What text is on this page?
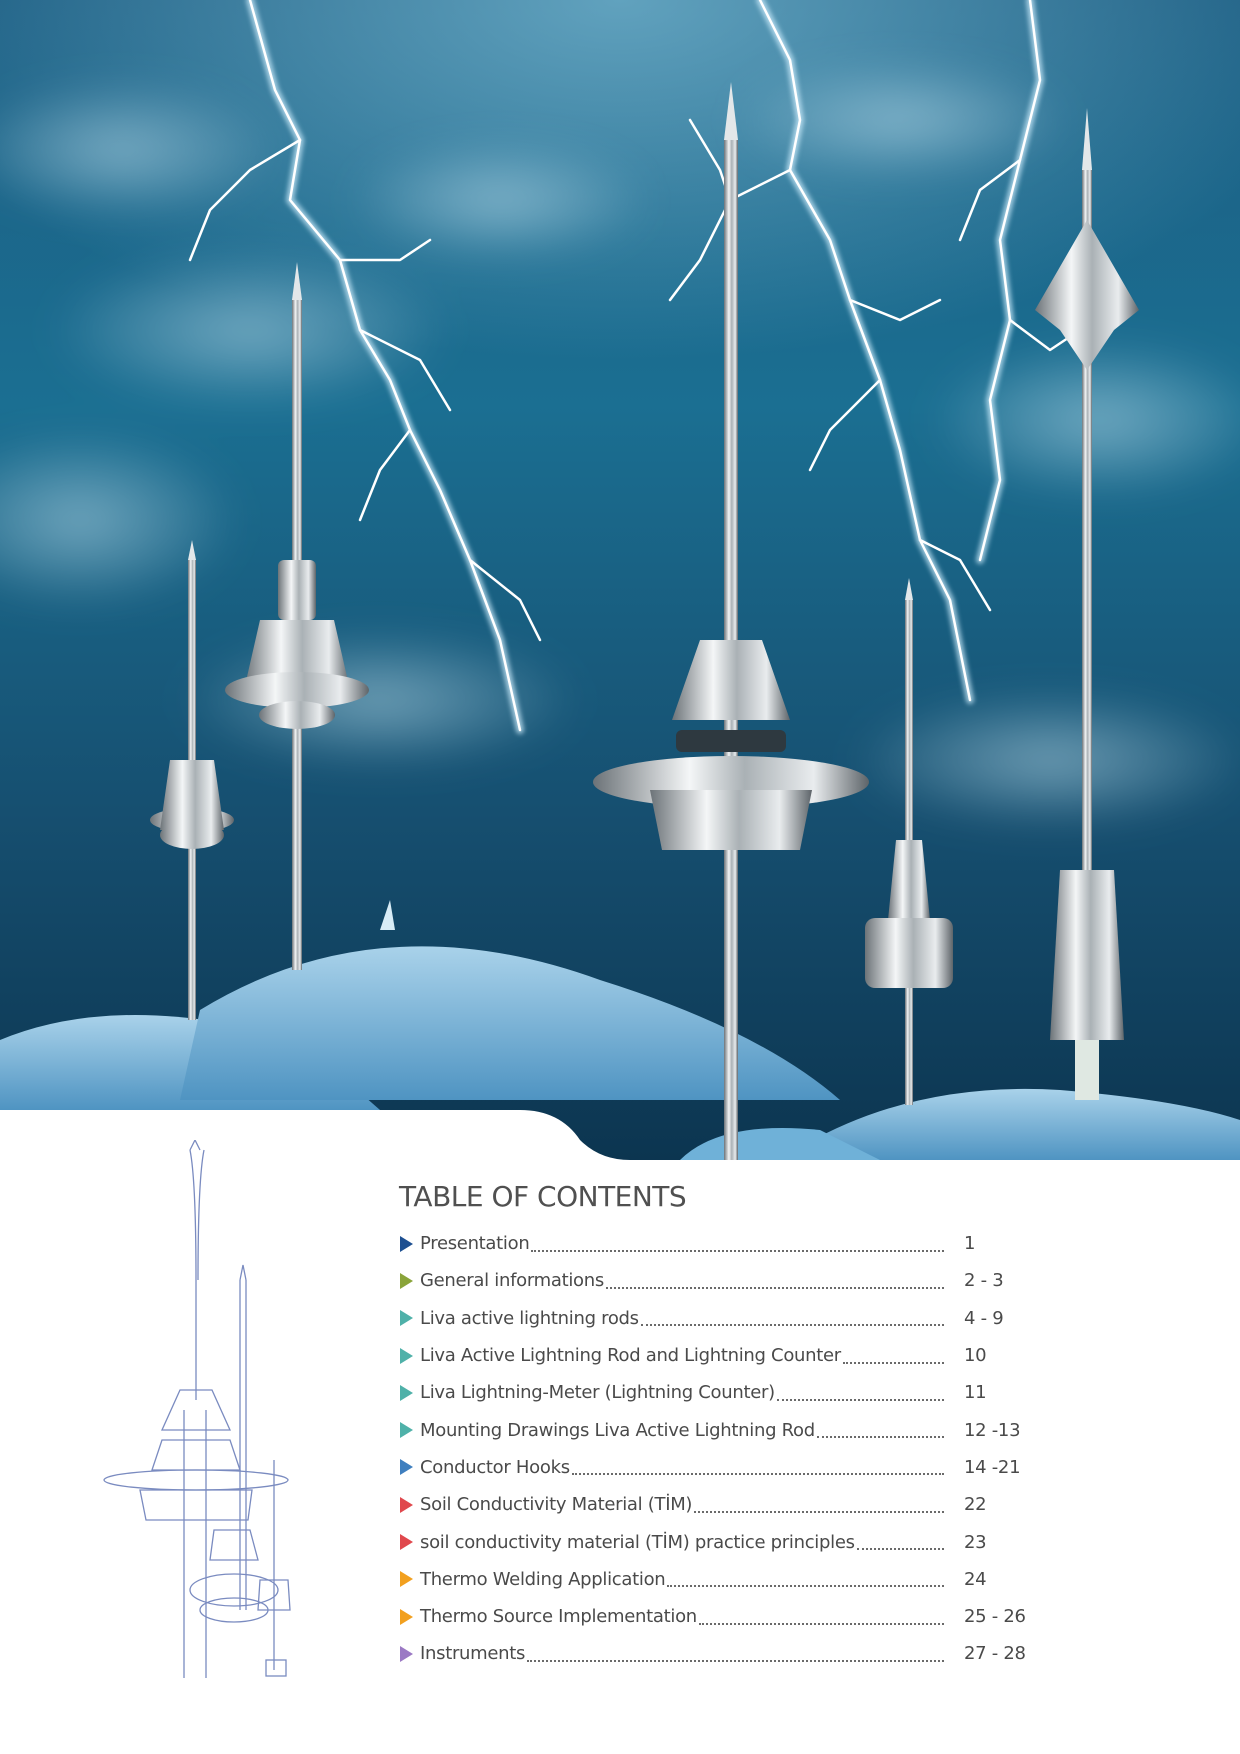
TABLE OF CONTENTS
Presentation	1
General informations	2 - 3
Liva active lightning rods	4 - 9
Liva Active Lightning Rod and Lightning Counter	10
Liva Lightning-Meter (Lightning Counter)	11
Mounting Drawings Liva Active Lightning Rod	12 -13
Conductor Hooks	14 -21
Soil Conductivity Material (TİM)	22
soil conductivity material (TİM) practice principles	23
Thermo Welding Application	24
Thermo Source Implementation	25 - 26
Instruments	27 - 28
